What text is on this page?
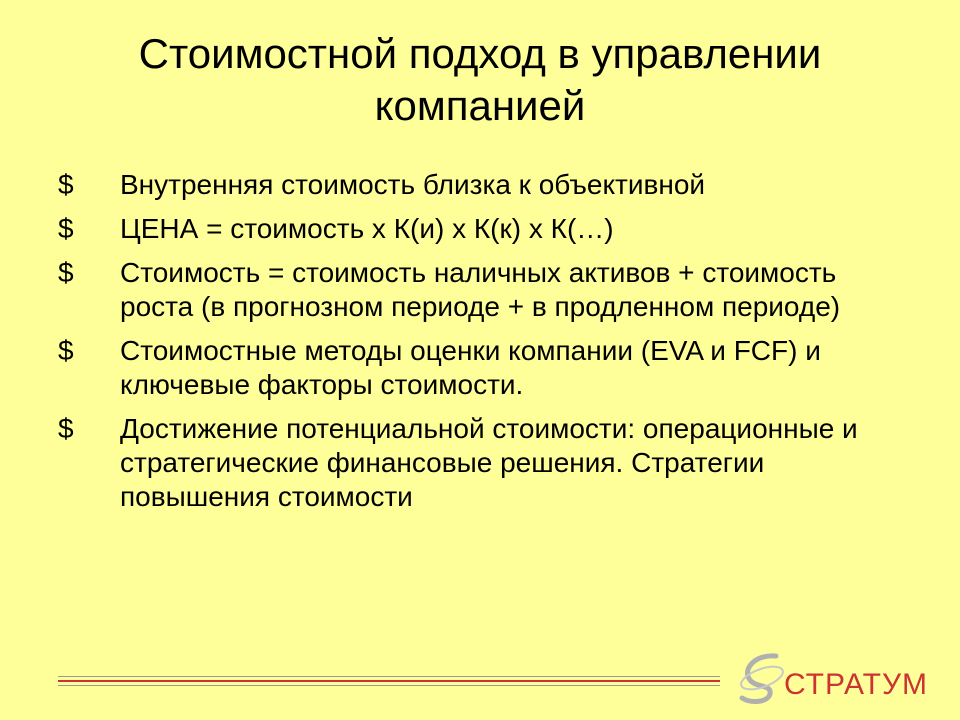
Стоимостной подход в управлении компанией
$	Внутренняя стоимость близка к объективной
$	ЦЕНА = стоимость х К(и) х К(к) х К(…)
$	Стоимость = стоимость наличных активов + стоимость роста (в прогнозном периоде + в продленном периоде)
$	Стоимостные методы оценки компании (EVA и FCF) и ключевые факторы стоимости.
$	Достижение потенциальной стоимости: операционные и стратегические финансовые решения. Стратегии повышения стоимости
СТРАТУМ
